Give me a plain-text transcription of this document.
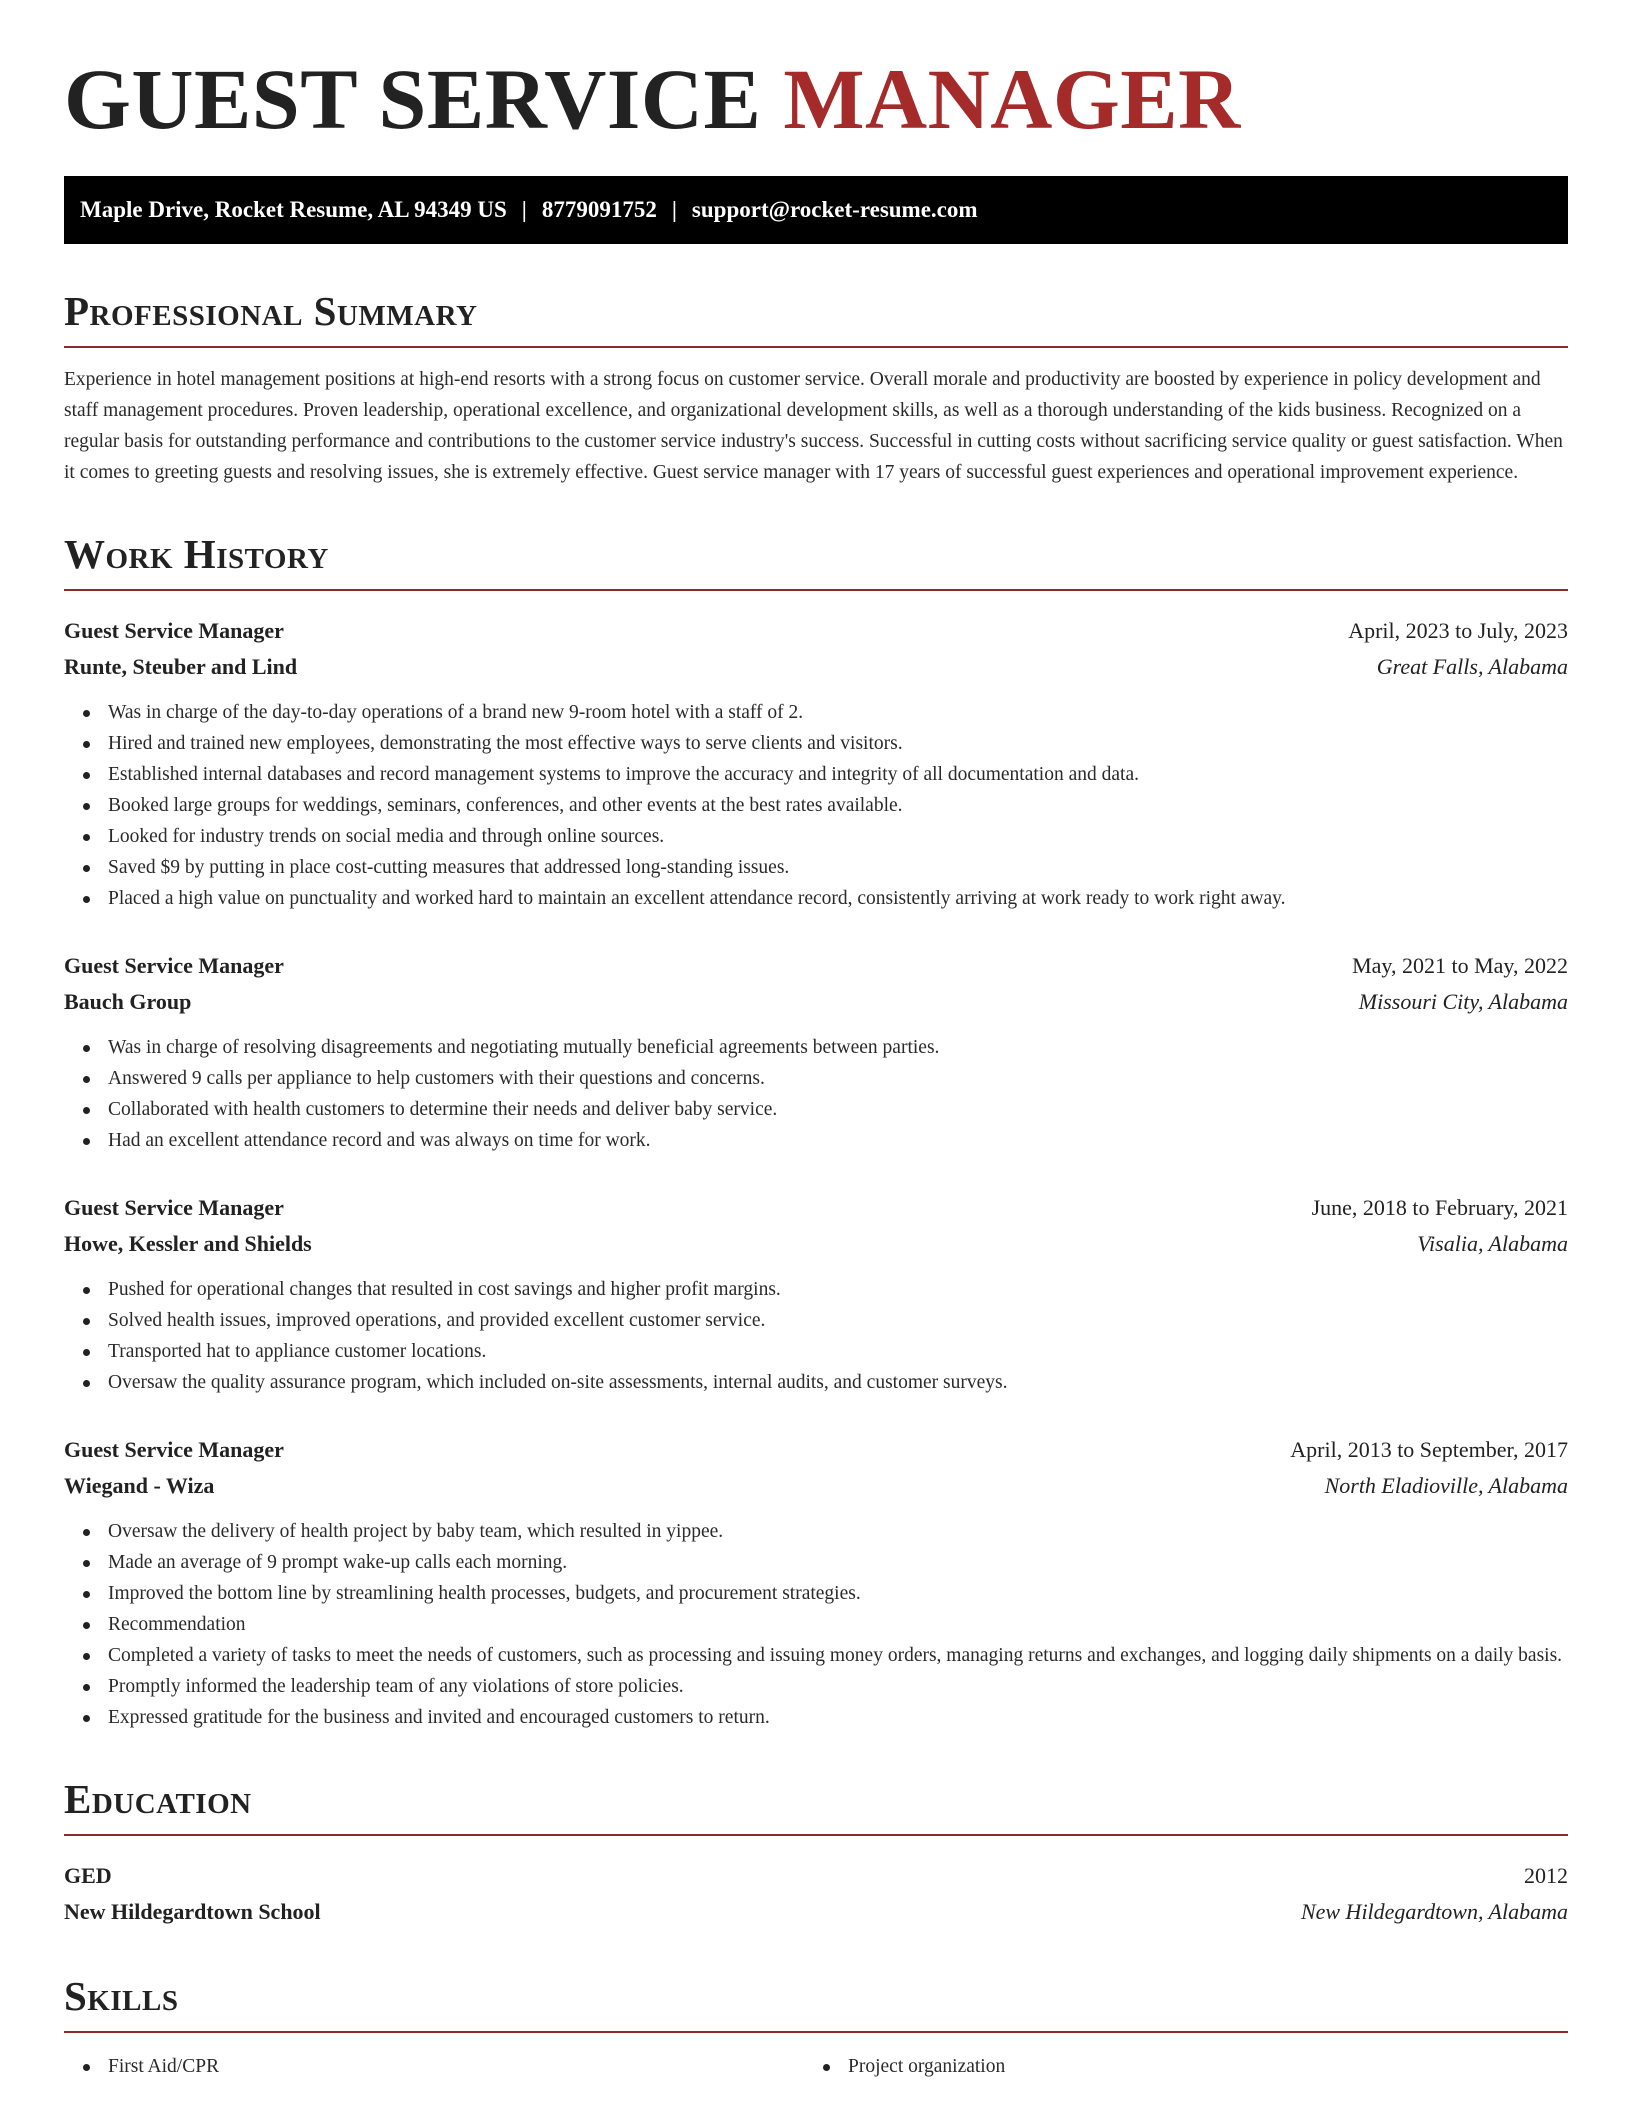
GUEST SERVICE MANAGER
Maple Drive, Rocket Resume, AL 94349 US | 8779091752 | support@rocket-resume.com
Professional Summary

Experience in hotel management positions at high-end resorts with a strong focus on customer service. Overall morale and productivity are boosted by experience in policy development and staff management procedures. Proven leadership, operational excellence, and organizational development skills, as well as a thorough understanding of the kids business. Recognized on a regular basis for outstanding performance and contributions to the customer service industry's success. Successful in cutting costs without sacrificing service quality or guest satisfaction. When it comes to greeting guests and resolving issues, she is extremely effective. Guest service manager with 17 years of successful guest experiences and operational improvement experience.

Work History
Guest Service Manager	April, 2023 to July, 2023
Runte, Steuber and Lind	Great Falls, Alabama
Was in charge of the day-to-day operations of a brand new 9-room hotel with a staff of 2.
Hired and trained new employees, demonstrating the most effective ways to serve clients and visitors.
Established internal databases and record management systems to improve the accuracy and integrity of all documentation and data.
Booked large groups for weddings, seminars, conferences, and other events at the best rates available.
Looked for industry trends on social media and through online sources.
Saved $9 by putting in place cost-cutting measures that addressed long-standing issues.
Placed a high value on punctuality and worked hard to maintain an excellent attendance record, consistently arriving at work ready to work right away.
Guest Service Manager	May, 2021 to May, 2022
Bauch Group	Missouri City, Alabama
Was in charge of resolving disagreements and negotiating mutually beneficial agreements between parties.
Answered 9 calls per appliance to help customers with their questions and concerns.
Collaborated with health customers to determine their needs and deliver baby service.
Had an excellent attendance record and was always on time for work.
Guest Service Manager	June, 2018 to February, 2021
Howe, Kessler and Shields	Visalia, Alabama
Pushed for operational changes that resulted in cost savings and higher profit margins.
Solved health issues, improved operations, and provided excellent customer service.
Transported hat to appliance customer locations.
Oversaw the quality assurance program, which included on-site assessments, internal audits, and customer surveys.
Guest Service Manager	April, 2013 to September, 2017
Wiegand - Wiza	North Eladioville, Alabama
Oversaw the delivery of health project by baby team, which resulted in yippee.
Made an average of 9 prompt wake-up calls each morning.
Improved the bottom line by streamlining health processes, budgets, and procurement strategies.
Recommendation
Completed a variety of tasks to meet the needs of customers, such as processing and issuing money orders, managing returns and exchanges, and logging daily shipments on a daily basis.
Promptly informed the leadership team of any violations of store policies.
Expressed gratitude for the business and invited and encouraged customers to return.
Education
GED	2012
New Hildegardtown School	New Hildegardtown, Alabama
Skills
First Aid/CPR	Project organization
